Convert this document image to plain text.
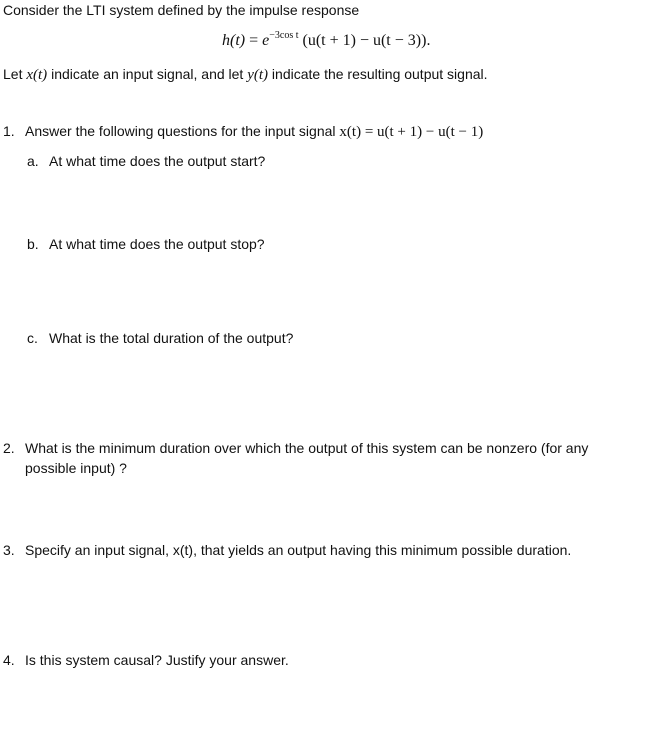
Consider the LTI system defined by the impulse response
$h(t) = e^{-3cos t}$ (u(t + 1) − u(t − 3)).
Let x(t) indicate an input signal, and let y(t) indicate the resulting output signal.
1. Answer the following questions for the input signal x(t) = u(t + 1) − u(t − 1)
a. At what time does the output start?
b. At what time does the output stop?
c. What is the total duration of the output?
2. What is the minimum duration over which the output of this system can be nonzero (for any
possible input) ?
3. Specify an input signal, x(t), that yields an output having this minimum possible duration.
4. Is this system causal? Justify your answer.
